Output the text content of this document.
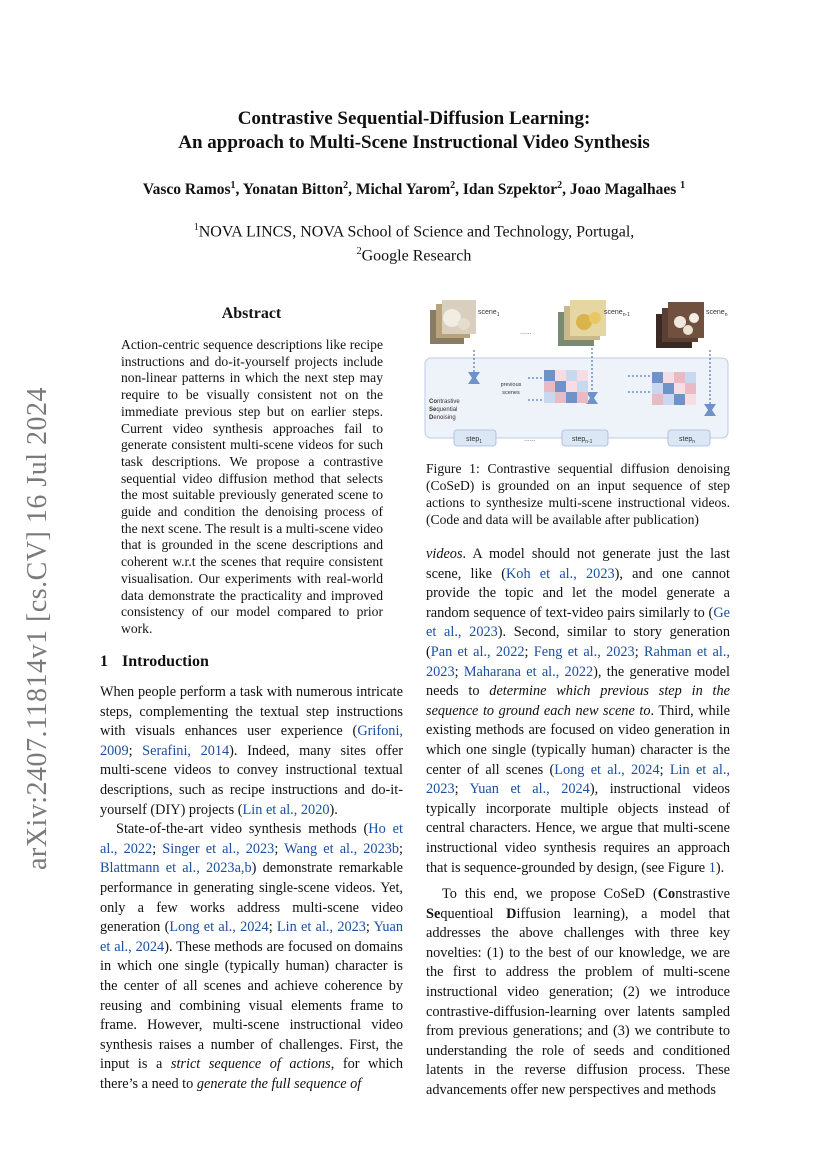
arXiv:2407.11814v1 [cs.CV] 16 Jul 2024
Contrastive Sequential-Diffusion Learning:
An approach to Multi-Scene Instructional Video Synthesis
Vasco Ramos$^1$, Yonatan Bitton$^2$, Michal Yarom$^2$, Idan Szpektor$^2$, Joao Magalhaes $^1$
$^1$NOVA LINCS, NOVA School of Science and Technology, Portugal,
$^2$Google Research
Abstract
Action-centric sequence descriptions like recipe instructions and do-it-yourself projects include non-linear patterns in which the next step may require to be visually consistent not on the immediate previous step but on earlier steps. Current video synthesis approaches fail to generate consistent multi-scene videos for such task descriptions. We propose a contrastive sequential video diffusion method that selects the most suitable previously generated scene to guide and condition the denoising process of the next scene. The result is a multi-scene video that is grounded in the scene descriptions and coherent w.r.t the scenes that require consistent visualisation. Our experiments with real-world data demonstrate the practicality and improved consistency of our model compared to prior work.
1 Introduction

When people perform a task with numerous intricate steps, complementing the textual step instructions with visuals enhances user experience (Grifoni, 2009; Serafini, 2014). Indeed, many sites offer multi-scene videos to convey instructional textual descriptions, such as recipe instructions and do-it-yourself (DIY) projects (Lin et al., 2020).

State-of-the-art video synthesis methods (Ho et al., 2022; Singer et al., 2023; Wang et al., 2023b; Blattmann et al., 2023a,b) demonstrate remarkable performance in generating single-scene videos. Yet, only a few works address multi-scene video generation (Long et al., 2024; Lin et al., 2023; Yuan et al., 2024). These methods are focused on domains in which one single (typically human) character is the center of all scenes and achieve coherence by reusing and combining visual elements frame to frame. However, multi-scene instructional video synthesis raises a number of challenges. First, the input is a strict sequence of actions, for which there’s a need to generate the full sequence of

scene$_1$
......
scene$_{n-1}$	scene$_n$
previous scenes
Contrastive Sequential Denoising
step$_1$	......	step$_{n-1}$	step$_n$
Figure 1: Contrastive sequential diffusion denoising (CoSeD) is grounded on an input sequence of step actions to synthesize multi-scene instructional videos. (Code and data will be available after publication)

videos. A model should not generate just the last scene, like (Koh et al., 2023), and one cannot provide the topic and let the model generate a random sequence of text-video pairs similarly to (Ge et al., 2023). Second, similar to story generation (Pan et al., 2022; Feng et al., 2023; Rahman et al., 2023; Maharana et al., 2022), the generative model needs to determine which previous step in the sequence to ground each new scene to. Third, while existing methods are focused on video generation in which one single (typically human) character is the center of all scenes (Long et al., 2024; Lin et al., 2023; Yuan et al., 2024), instructional videos typically incorporate multiple objects instead of central characters. Hence, we argue that multi-scene instructional video synthesis requires an approach that is sequence-grounded by design, (see Figure 1).

To this end, we propose CoSeD (Constrastive Sequentioal Diffusion learning), a model that addresses the above challenges with three key novelties: (1) to the best of our knowledge, we are the first to address the problem of multi-scene instructional video generation; (2) we introduce contrastive-diffusion-learning over latents sampled from previous generations; and (3) we contribute to understanding the role of seeds and conditioned latents in the reverse diffusion process. These advancements offer new perspectives and methods
